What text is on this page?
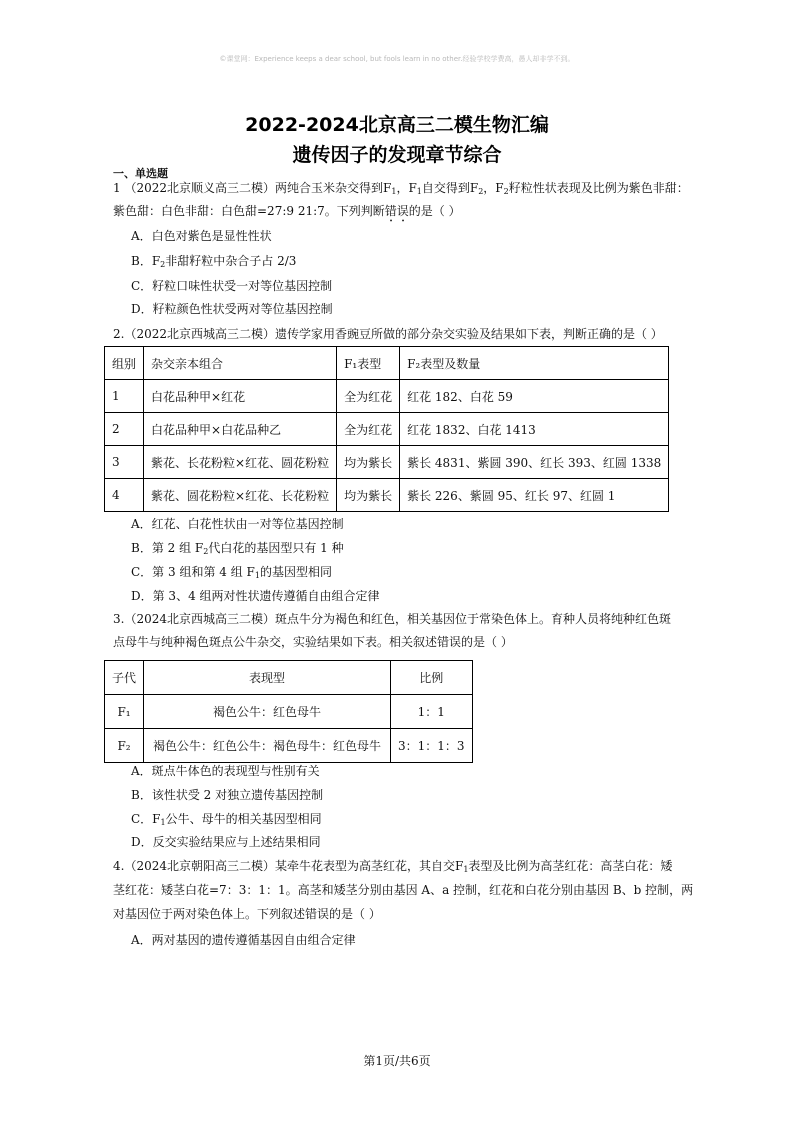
©课堂网：Experience keeps a dear school, but fools learn in no other.经验学校学费高，愚人却非学不到。
2022-2024北京高三二模生物汇编
遗传因子的发现章节综合
一、单选题
1 （2022北京顺义高三二模）两纯合玉米杂交得到$F_1$，$F_1$自交得到$F_2$，$F_2$籽粒性状表现及比例为紫色非甜：
紫色甜：白色非甜：白色甜=27:9 21:7。下列判断错误的是（ ）
A．白色对紫色是显性性状
B．$F_2$非甜籽粒中杂合子占 2/3
C．籽粒口味性状受一对等位基因控制
D．籽粒颜色性状受两对等位基因控制
2.（2022北京西城高三二模）遗传学家用香豌豆所做的部分杂交实验及结果如下表，判断正确的是（ ）
组别	杂交亲本组合	F₁表型	F₂表型及数量
1	白花品种甲×红花	全为红花	红花 182、白花 59
2	白花品种甲×白花品种乙	全为红花	红花 1832、白花 1413
3	紫花、长花粉粒×红花、圆花粉粒	均为紫长	紫长 4831、紫圆 390、红长 393、红圆 1338
4	紫花、圆花粉粒×红花、长花粉粒	均为紫长	紫长 226、紫圆 95、红长 97、红圆 1
A．红花、白花性状由一对等位基因控制
B．第 2 组 $F_2$代白花的基因型只有 1 种
C．第 3 组和第 4 组 $F_1$的基因型相同
D．第 3、4 组两对性状遗传遵循自由组合定律
3.（2024北京西城高三二模）斑点牛分为褐色和红色，相关基因位于常染色体上。育种人员将纯种红色斑
点母牛与纯种褐色斑点公牛杂交，实验结果如下表。相关叙述错误的是（ ）
子代	表现型	比例
F₁	褐色公牛：红色母牛	1：1
F₂	褐色公牛：红色公牛：褐色母牛：红色母牛	3：1：1：3
A．斑点牛体色的表现型与性别有关
B．该性状受 2 对独立遗传基因控制
C．$F_1$公牛、母牛的相关基因型相同
D．反交实验结果应与上述结果相同
4.（2024北京朝阳高三二模）某牵牛花表型为高茎红花，其自交$F_1$表型及比例为高茎红花：高茎白花：矮
茎红花：矮茎白花=7：3：1：1。高茎和矮茎分别由基因 A、a 控制，红花和白花分别由基因 B、b 控制，两
对基因位于两对染色体上。下列叙述错误的是（ ）
A．两对基因的遗传遵循基因自由组合定律
第1页/共6页
